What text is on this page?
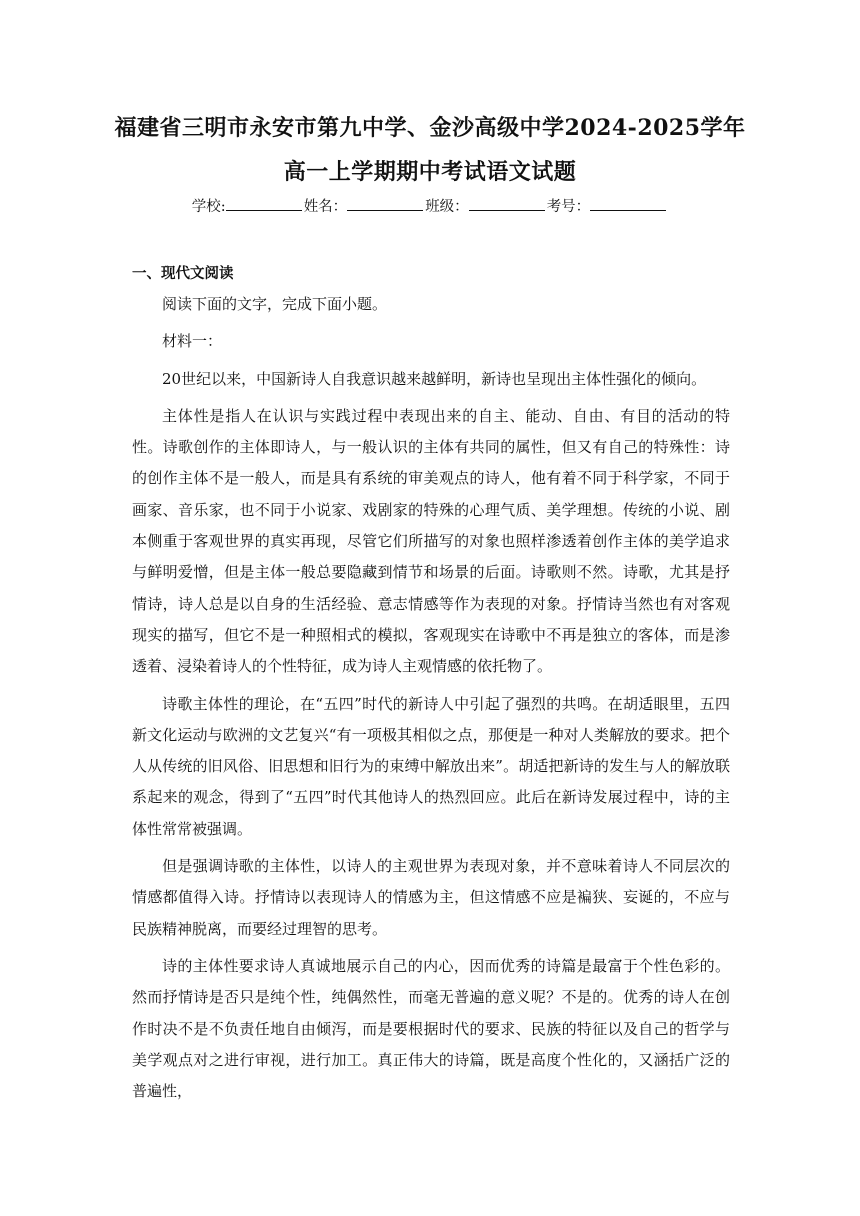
福建省三明市永安市第九中学、金沙高级中学2024-2025学年
高一上学期期中考试语文试题
学校:	姓名：	班级：	考号：
一、现代文阅读

阅读下面的文字，完成下面小题。

材料一：

20世纪以来，中国新诗人自我意识越来越鲜明，新诗也呈现出主体性强化的倾向。

主体性是指人在认识与实践过程中表现出来的自主、能动、自由、有目的活动的特性。诗歌创作的主体即诗人，与一般认识的主体有共同的属性，但又有自己的特殊性：诗的创作主体不是一般人，而是具有系统的审美观点的诗人，他有着不同于科学家，不同于画家、音乐家，也不同于小说家、戏剧家的特殊的心理气质、美学理想。传统的小说、剧本侧重于客观世界的真实再现，尽管它们所描写的对象也照样渗透着创作主体的美学追求与鲜明爱憎，但是主体一般总要隐藏到情节和场景的后面。诗歌则不然。诗歌，尤其是抒情诗，诗人总是以自身的生活经验、意志情感等作为表现的对象。抒情诗当然也有对客观现实的描写，但它不是一种照相式的模拟，客观现实在诗歌中不再是独立的客体，而是渗透着、浸染着诗人的个性特征，成为诗人主观情感的依托物了。

诗歌主体性的理论，在“五四”时代的新诗人中引起了强烈的共鸣。在胡适眼里，五四新文化运动与欧洲的文艺复兴“有一项极其相似之点，那便是一种对人类解放的要求。把个人从传统的旧风俗、旧思想和旧行为的束缚中解放出来”。胡适把新诗的发生与人的解放联系起来的观念，得到了“五四”时代其他诗人的热烈回应。此后在新诗发展过程中，诗的主体性常常被强调。

但是强调诗歌的主体性，以诗人的主观世界为表现对象，并不意味着诗人不同层次的情感都值得入诗。抒情诗以表现诗人的情感为主，但这情感不应是褊狭、妄诞的，不应与民族精神脱离，而要经过理智的思考。

诗的主体性要求诗人真诚地展示自己的内心，因而优秀的诗篇是最富于个性色彩的。然而抒情诗是否只是纯个性，纯偶然性，而毫无普遍的意义呢？不是的。优秀的诗人在创作时决不是不负责任地自由倾泻，而是要根据时代的要求、民族的特征以及自己的哲学与美学观点对之进行审视，进行加工。真正伟大的诗篇，既是高度个性化的，又涵括广泛的普遍性，
